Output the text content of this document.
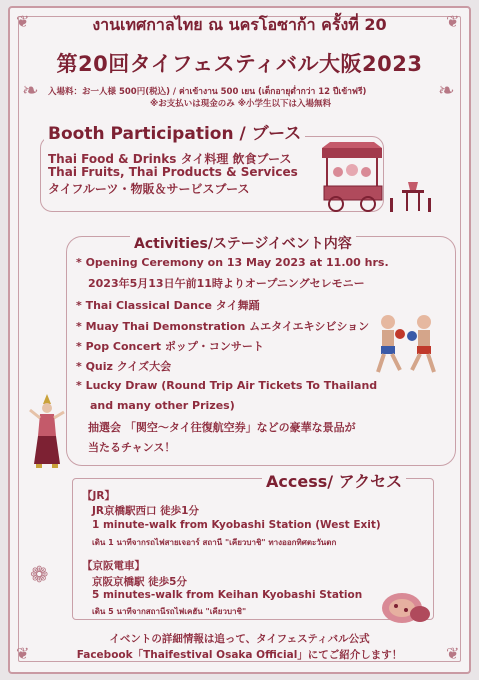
❦	❦
❦	❦
❧	❧
❁
งานเทศกาลไทย ณ นครโอซาก้า ครั้งที่ 20
第20回タイフェスティバル大阪2023
入場料：お一人様 500円(税込) / ค่าเข้างาน 500 เยน (เด็กอายุต่ำกว่า 12 ปีเข้าฟรี)
※お支払いは現金のみ ※小学生以下は入場無料
Booth Participation / ブース
Thai Food & Drinks タイ料理 飲食ブース
Thai Fruits, Thai Products & Services
タイフルーツ・物販＆サービスブース
Activities/ステージイベント内容
* Opening Ceremony on 13 May 2023 at 11.00 hrs.
2023年5月13日午前11時よりオープニングセレモニー
* Thai Classical Dance タイ舞踊
* Muay Thai Demonstration ムエタイエキシビション
* Pop Concert ポップ・コンサート
* Quiz クイズ大会
* Lucky Draw (Round Trip Air Tickets To Thailand
and many other Prizes)
抽選会 「関空～タイ往復航空券」などの豪華な景品が
当たるチャンス！
Access/ アクセス
【JR】
JR京橋駅西口 徒歩1分
1 minute-walk from Kyobashi Station (West Exit)
เดิน 1 นาทีจากรถไฟสายเจอาร์ สถานี "เคียวบาชิ" ทางออกทิศตะวันตก
【京阪電車】
京阪京橋駅 徒歩5分
5 minutes-walk from Keihan Kyobashi Station
เดิน 5 นาทีจากสถานีรถไฟเคฮัน "เคียวบาชิ"
イベントの詳細情報は追って、タイフェスティバル公式
Facebook「Thaifestival Osaka Official」にてご紹介します！
